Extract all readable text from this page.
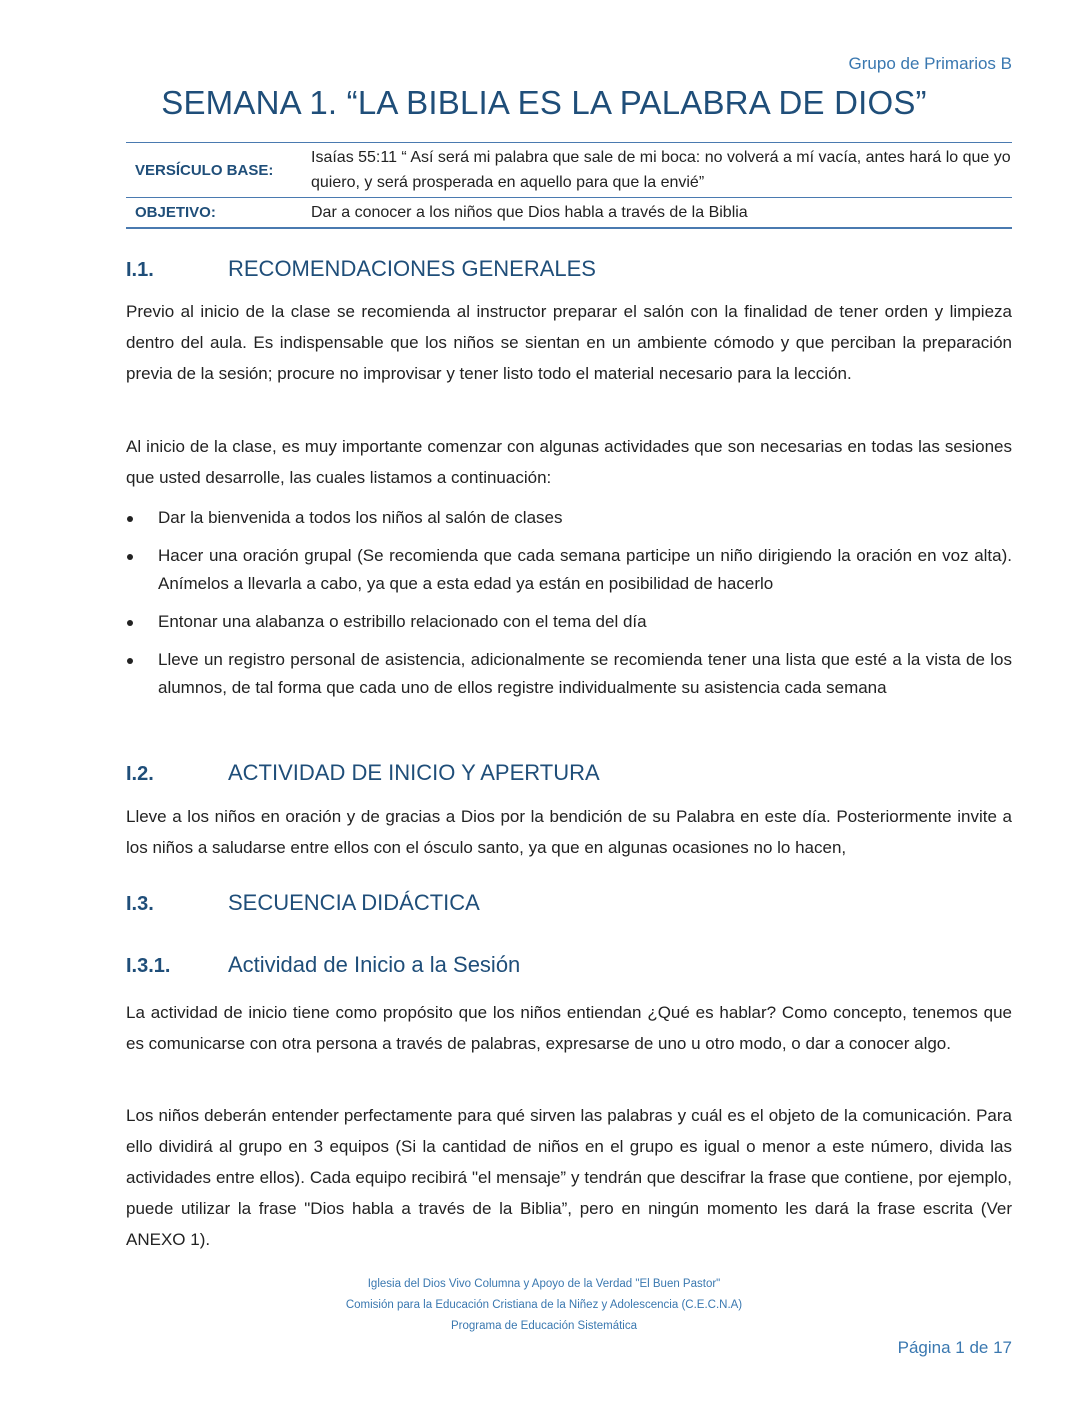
Grupo de Primarios B
SEMANA 1. “LA BIBLIA ES LA PALABRA DE DIOS”
VERSÍCULO BASE:
Isaías 55:11 “ Así será mi palabra que sale de mi boca: no volverá a mí vacía, antes hará lo que yo quiero, y será prosperada en aquello para que la envié”
OBJETIVO:	Dar a conocer a los niños que Dios habla a través de la Biblia
I.1.	RECOMENDACIONES GENERALES
Previo al inicio de la clase se recomienda al instructor preparar el salón con la finalidad de tener orden y limpieza dentro del aula. Es indispensable que los niños se sientan en un ambiente cómodo y que perciban la preparación previa de la sesión; procure no improvisar y tener listo todo el material necesario para la lección.
Al inicio de la clase, es muy importante comenzar con algunas actividades que son necesarias en todas las sesiones que usted desarrolle, las cuales listamos a continuación:
Dar la bienvenida a todos los niños al salón de clases
Hacer una oración grupal (Se recomienda que cada semana participe un niño dirigiendo la oración en voz alta). Anímelos a llevarla a cabo, ya que a esta edad ya están en posibilidad de hacerlo
Entonar una alabanza o estribillo relacionado con el tema del día
Lleve un registro personal de asistencia, adicionalmente se recomienda tener una lista que esté a la vista de los alumnos, de tal forma que cada uno de ellos registre individualmente su asistencia cada semana
I.2.	ACTIVIDAD DE INICIO Y APERTURA
Lleve a los niños en oración y de gracias a Dios por la bendición de su Palabra en este día. Posteriormente invite a los niños a saludarse entre ellos con el ósculo santo, ya que en algunas ocasiones no lo hacen,
I.3.	SECUENCIA DIDÁCTICA
I.3.1.	Actividad de Inicio a la Sesión
La actividad de inicio tiene como propósito que los niños entiendan ¿Qué es hablar? Como concepto, tenemos que es comunicarse con otra persona a través de palabras, expresarse de uno u otro modo, o dar a conocer algo.
Los niños deberán entender perfectamente para qué sirven las palabras y cuál es el objeto de la comunicación. Para ello dividirá al grupo en 3 equipos (Si la cantidad de niños en el grupo es igual o menor a este número, divida las actividades entre ellos). Cada equipo recibirá "el mensaje” y tendrán que descifrar la frase que contiene, por ejemplo, puede utilizar la frase "Dios habla a través de la Biblia”, pero en ningún momento les dará la frase escrita (Ver ANEXO 1).
Iglesia del Dios Vivo Columna y Apoyo de la Verdad "El Buen Pastor"
Comisión para la Educación Cristiana de la Niñez y Adolescencia (C.E.C.N.A)
Programa de Educación Sistemática
Página 1 de 17
